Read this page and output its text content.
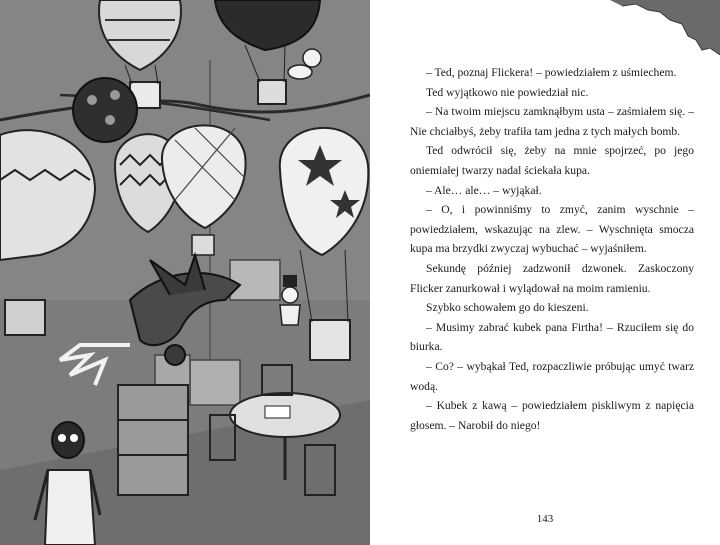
– Ted, poznaj Flickera! – powiedziałem z uśmiechem.

Ted wyjątkowo nie powiedział nic.

– Na twoim miejscu zamknąłbym usta – zaśmiałem się. – Nie chciałbyś, żeby trafiła tam jedna z tych małych bomb.

Ted odwrócił się, żeby na mnie spojrzeć, po jego oniemiałej twarzy nadal ściekała kupa.

– Ale… ale… – wyjąkał.

– O, i powinniśmy to zmyć, zanim wyschnie – powiedziałem, wskazując na zlew. – Wyschnięta smocza kupa ma brzydki zwyczaj wybuchać – wyjaśniłem.

Sekundę później zadzwonił dzwonek. Zaskoczony Flicker zanurkował i wylądował na moim ramieniu.

Szybko schowałem go do kieszeni.

– Musimy zabrać kubek pana Firtha! – Rzuciłem się do biurka.

– Co? – wybąkał Ted, rozpaczliwie próbując umyć twarz wodą.

– Kubek z kawą – powiedziałem piskliwym z napięcia głosem. – Narobił do niego!

143
